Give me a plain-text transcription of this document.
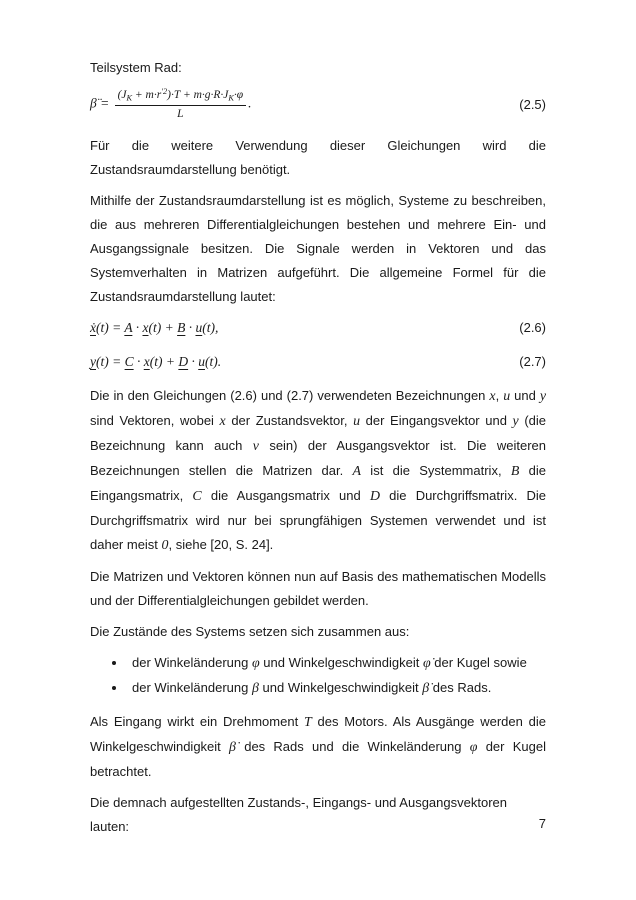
Teilsystem Rad:

β̈ = $\frac{(J_K + m\cdot r^{'2})\cdot T + m\cdot g\cdot R\cdot J_K\cdot\varphi}{L}$ .	(2.5)

Für die weitere Verwendung dieser Gleichungen wird die Zustandsraumdarstellung benötigt.

Mithilfe der Zustandsraumdarstellung ist es möglich, Systeme zu beschreiben, die aus mehreren Differentialgleichungen bestehen und mehrere Ein- und Ausgangssignale besitzen. Die Signale werden in Vektoren und das Systemverhalten in Matrizen aufgeführt. Die allgemeine Formel für die Zustandsraumdarstellung lautet:

ẋ(t) = A · x(t) + B · u(t),	(2.6)
y(t) = C · x(t) + D · u(t).	(2.7)

Die in den Gleichungen (2.6) und (2.7) verwendeten Bezeichnungen x, u und y sind Vektoren, wobei x der Zustandsvektor, u der Eingangsvektor und y (die Bezeichnung kann auch v sein) der Ausgangsvektor ist. Die weiteren Bezeichnungen stellen die Matrizen dar. A ist die Systemmatrix, B die Eingangsmatrix, C die Ausgangsmatrix und D die Durchgriffsmatrix. Die Durchgriffsmatrix wird nur bei sprungfähigen Systemen verwendet und ist daher meist 0, siehe [20, S. 24].

Die Matrizen und Vektoren können nun auf Basis des mathematischen Modells und der Differentialgleichungen gebildet werden.

Die Zustände des Systems setzen sich zusammen aus:

• der Winkeländerung φ und Winkelgeschwindigkeit φ̇ der Kugel sowie
• der Winkeländerung β und Winkelgeschwindigkeit β̇ des Rads.

Als Eingang wirkt ein Drehmoment T des Motors. Als Ausgänge werden die Winkelgeschwindigkeit β̇ des Rads und die Winkeländerung φ der Kugel betrachtet.

Die demnach aufgestellten Zustands-, Eingangs- und Ausgangsvektoren lauten:	7
